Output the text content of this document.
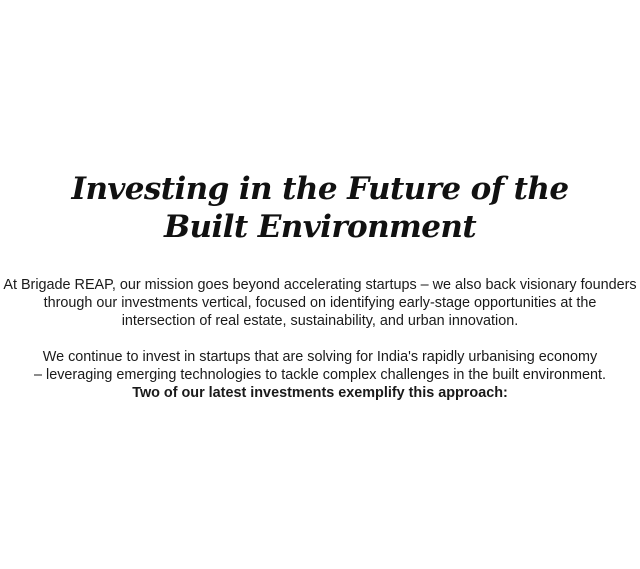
Investing in the Future of the
Built Environment

At Brigade REAP, our mission goes beyond accelerating startups – we also back visionary founders
through our investments vertical, focused on identifying early-stage opportunities at the
intersection of real estate, sustainability, and urban innovation.

We continue to invest in startups that are solving for India's rapidly urbanising economy
– leveraging emerging technologies to tackle complex challenges in the built environment.
Two of our latest investments exemplify this approach:
